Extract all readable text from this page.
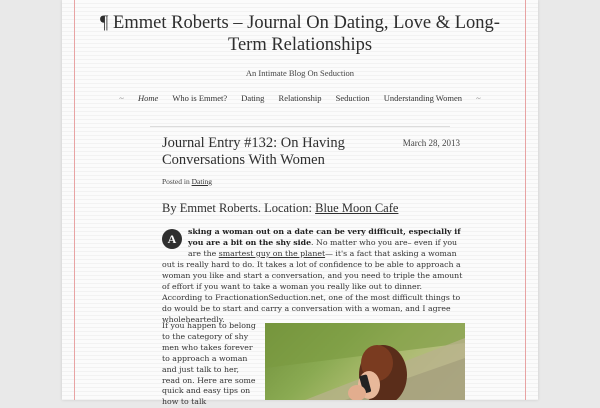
¶ Emmet Roberts – Journal On Dating, Love & Long-Term Relationships
An Intimate Blog On Seduction
~ Home Who is Emmet? Dating Relationship Seduction Understanding Women ~
Journal Entry #132: On Having Conversations With Women
March 28, 2013
Posted in Dating
By Emmet Roberts. Location: Blue Moon Cafe
A
sking a woman out on a date can be very difficult, especially if you are a bit on the shy side. No matter who you are– even if you are the smartest guy on the planet— it's a fact that asking a woman
out is really hard to do. It takes a lot of confidence to be able to approach a woman you like and start a conversation, and you need to triple the amount of effort if you want to take a woman you really like out to dinner. According to FractionationSeduction.net, one of the most difficult things to do would be to start and carry a conversation with a woman, and I agree wholeheartedly.
If you happen to belong to the category of shy men who takes forever to approach a woman and just talk to her, read on. Here are some quick and easy tips on how to talk
